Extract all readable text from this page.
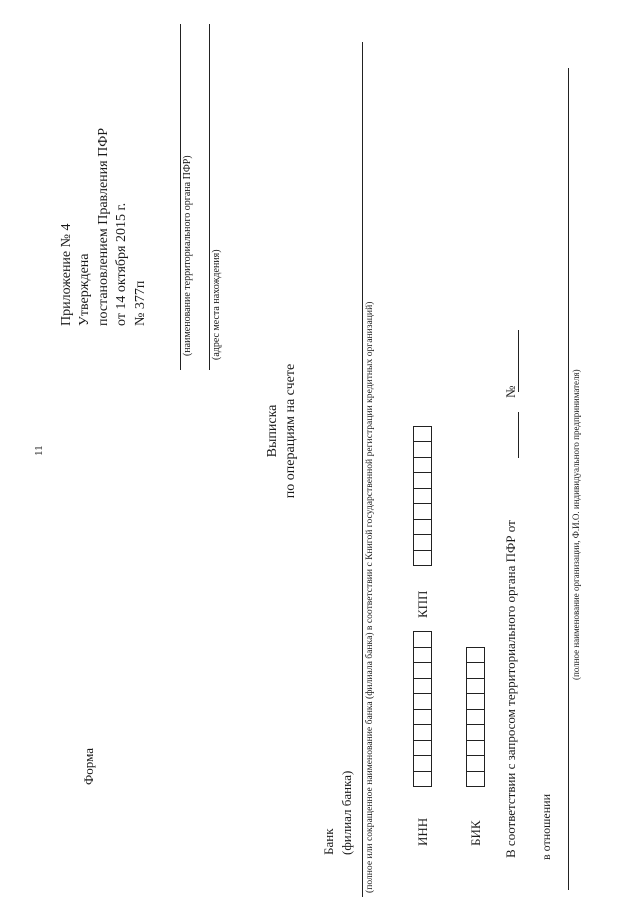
11
Форма
Приложение № 4 Утверждена постановлением Правления ПФР от 14 октября 2015 г. № 377п	(наименование территориального органа ПФР) (адрес места нахождения)
Выписка по операциям на счете	(полное или сокращенное наименование банка (филиала банка) в соответствии с Книгой государственной регистрации кредитных организаций)
Банк (филиал банка)	ИНН
КПП
БИК В соответствии с запросом территориального органа ПФР от
№
в отношении
(полное наименование организации, Ф.И.О. индивидуального предпринимателя)
